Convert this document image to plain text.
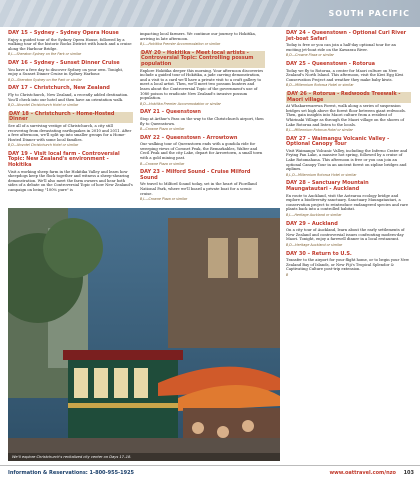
SOUTH PACIFIC
DAY 15 – Sydney - Sydney Opera House
Enjoy a guided tour of the Sydney Opera House, followed by a walking tour of the historic Rocks District with lunch and a cruise along the Harbour Bridge.
B,L—Sheraton Sydney on the Park or similar
DAY 16 – Sydney - Sunset Dinner Cruise
You have a free day to discover Sydney on your own. Tonight, enjoy a Sunset Dinner Cruise in Sydney Harbour.
B,D—Sheraton Sydney on the Park or similar
DAY 17 – Christchurch, New Zealand
Fly to Christchurch, New Zealand, a recently added destination. You'll check into our hotel and then have an orientation walk.
B,D—Novotel Christchurch Hotel or similar
DAY 18 – Christchurch - Home-Hosted Dinner
See all of a surviving vestige of Christchurch, a city still recovering from devastating earthquakes in 2010 and 2011. After a free afternoon, we'll split up into smaller groups for a Home-Hosted Dinner with some local families.
B,D—Novotel Christchurch Hotel or similar
DAY 19 – Visit local farm - Controversial Topic: New Zealand's environment - Hokitika
Visit a working sheep farm in the Hokitika Valley and learn how sheepdogs keep the flock together and witness a sheep-shearing demonstration. We'll also meet the farm owners and hear both sides of a debate on the Controversial Topic of how New Zealand's campaign on being "100% pure" is
impacting local farmers. We continue our journey to Hokitika, arriving in late afternoon.
B,L—Hokitika Premier Accommodation or similar
DAY 20 – Hokitika - Meet local artists - Controversial Topic: Controlling possum population
Explore Hokitika deeper this morning. Your afternoon discoveries include a guided tour of Hokitika, a jade carving demonstration, and a visit to a card we'll have a private visit to a craft gallery to meet a local artist. Then, we'll meet two possum hunters and learn about the Controversial Topic of the government's use of 1080 poison to eradicate New Zealand's invasive possum population.
B,D—Hokitika Premier Accommodation or similar
DAY 21 – Queenstown
Stop at Arthur's Pass on the way to the Christchurch airport, then fly to Queenstown.
B—Crowne Plaza or similar
DAY 22 – Queenstown - Arrowtown
Our walking tour of Queenstown ends with a gondola ride for sweeping views of Coronet Peak, the Remarkables, Walter and Cecil Peak and the city Lake, depart for Arrowtown, a small town with a gold mining past.
B—Crowne Plaza or similar
DAY 23 – Milford Sound - Cruise Milford Sound
We travel to Milford Sound today, set in the heart of Fiordland National Park, where we'll board a private boat for a scenic cruise.
B,L—Crowne Plaza or similar
DAY 24 – Queenstown - Optional Curi River Jet-boat Safari
Today is free or you can join a half-day optional tour for an exciting jet-boat ride on the Kawarau River.
B,D—Crowne Plaza or similar
DAY 25 – Queenstown - Rotorua
Today we fly to Rotorua, a center for Maori culture on New Zealand's North Island. This afternoon, visit the Kiwi Egg Kiwi Conservation Project and weather they make baby kiwis.
B,D—Millennium Rotorua Hotel or similar
DAY 26 – Rotorua - Redwoods Treewalk - Maori village
At Whakarewarewa Forest, walk along a series of suspension bridges set high above the forest floor between giant redwoods. Then, gain insights into Maori culture from a resident of Whirinaki Village as through the Maori village on the shores of Lake Rotorua and listen to the locals.
B,L—Millennium Rotorua Hotel or similar
DAY 27 – Waimangu Volcanic Valley - Optional Canopy Tour
Visit Waimangu Volcanic Valley, including the Inferno Crater and Frying Pan Lake, a massive hot spring, followed by a cruise of Lake Rotomahana. This afternoon is free or you can join an optional Canopy Tour in an ancient forest on zipline bridges and ziplines.
B,L,D—Millennium Rotorua Hotel or similar
DAY 28 – Sanctuary Mountain Maungatautari - Auckland
En route to Auckland, visit the Aotearoa ecology bridge and explore a biodiversity sanctuary. Sanctuary Maungatautari, a conservation project to reintroduce endangered species and rare plants back into a controlled habitat.
B,L—Heritage Auckland or similar
DAY 29 – Auckland
On a city tour of Auckland, learn about the early settlements of New Zealand and controversial issues confronting modern-day Maori. Tonight, enjoy a farewell dinner in a local restaurant.
B,D—Heritage Auckland or similar
DAY 30 – Return to U.S.
Transfer to the airport for your flight home, or to begin your New Zealand Bay of Islands, or New Fiji's Tropical Splendor & Captivating Culture post-trip extension.
B
We'll explore Christchurch's revitalized city center on Days 17–18.
Information & Reservations: 1-800-955-1925	www.oattravel.com/nzo 103
